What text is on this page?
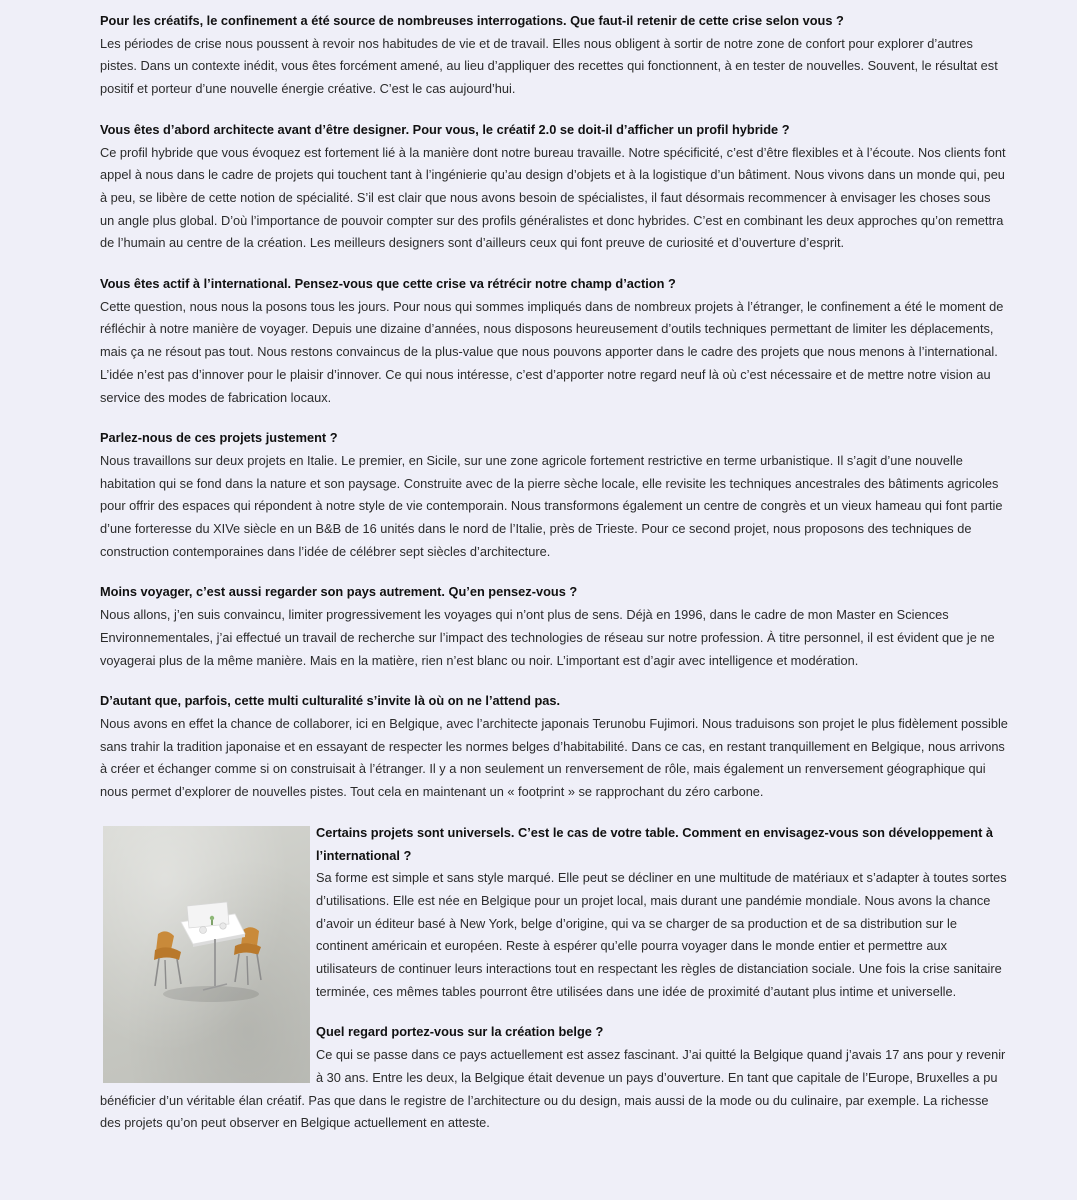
Pour les créatifs, le confinement a été source de nombreuses interrogations. Que faut-il retenir de cette crise selon vous ?
Les périodes de crise nous poussent à revoir nos habitudes de vie et de travail. Elles nous obligent à sortir de notre zone de confort pour explorer d’autres pistes. Dans un contexte inédit, vous êtes forcément amené, au lieu d’appliquer des recettes qui fonctionnent, à en tester de nouvelles. Souvent, le résultat est positif et porteur d’une nouvelle énergie créative. C’est le cas aujourd’hui.
Vous êtes d’abord architecte avant d’être designer. Pour vous, le créatif 2.0 se doit-il d’afficher un profil hybride ?
Ce profil hybride que vous évoquez est fortement lié à la manière dont notre bureau travaille. Notre spécificité, c’est d’être flexibles et à l’écoute. Nos clients font appel à nous dans le cadre de projets qui touchent tant à l’ingénierie qu’au design d’objets et à la logistique d’un bâtiment. Nous vivons dans un monde qui, peu à peu, se libère de cette notion de spécialité. S’il est clair que nous avons besoin de spécialistes, il faut désormais recommencer à envisager les choses sous un angle plus global. D’où l’importance de pouvoir compter sur des profils généralistes et donc hybrides. C’est en combinant les deux approches qu’on remettra de l’humain au centre de la création. Les meilleurs designers sont d’ailleurs ceux qui font preuve de curiosité et d’ouverture d’esprit.
Vous êtes actif à l’international. Pensez-vous que cette crise va rétrécir notre champ d’action ?
Cette question, nous nous la posons tous les jours. Pour nous qui sommes impliqués dans de nombreux projets à l’étranger, le confinement a été le moment de réfléchir à notre manière de voyager. Depuis une dizaine d’années, nous disposons heureusement d’outils techniques permettant de limiter les déplacements, mais ça ne résout pas tout. Nous restons convaincus de la plus-value que nous pouvons apporter dans le cadre des projets que nous menons à l’international. L’idée n’est pas d’innover pour le plaisir d’innover. Ce qui nous intéresse, c’est d’apporter notre regard neuf là où c’est nécessaire et de mettre notre vision au service des modes de fabrication locaux.
Parlez-nous de ces projets justement ?
Nous travaillons sur deux projets en Italie. Le premier, en Sicile, sur une zone agricole fortement restrictive en terme urbanistique. Il s’agit d’une nouvelle habitation qui se fond dans la nature et son paysage. Construite avec de la pierre sèche locale, elle revisite les techniques ancestrales des bâtiments agricoles pour offrir des espaces qui répondent à notre style de vie contemporain. Nous transformons également un centre de congrès et un vieux hameau qui font partie d’une forteresse du XIVe siècle en un B&B de 16 unités dans le nord de l’Italie, près de Trieste. Pour ce second projet, nous proposons des techniques de construction contemporaines dans l’idée de célébrer sept siècles d’architecture.
Moins voyager, c’est aussi regarder son pays autrement. Qu’en pensez-vous ?
Nous allons, j’en suis convaincu, limiter progressivement les voyages qui n’ont plus de sens. Déjà en 1996, dans le cadre de mon Master en Sciences Environnementales, j’ai effectué un travail de recherche sur l’impact des technologies de réseau sur notre profession. À titre personnel, il est évident que je ne voyagerai plus de la même manière. Mais en la matière, rien n’est blanc ou noir. L’important est d’agir avec intelligence et modération.
D’autant que, parfois, cette multi culturalité s’invite là où on ne l’attend pas.
Nous avons en effet la chance de collaborer, ici en Belgique, avec l’architecte japonais Terunobu Fujimori. Nous traduisons son projet le plus fidèlement possible sans trahir la tradition japonaise et en essayant de respecter les normes belges d’habitabilité. Dans ce cas, en restant tranquillement en Belgique, nous arrivons à créer et échanger comme si on construisait à l’étranger. Il y a non seulement un renversement de rôle, mais également un renversement géographique qui nous permet d’explorer de nouvelles pistes. Tout cela en maintenant un « footprint » se rapprochant du zéro carbone.
Certains projets sont universels. C’est le cas de votre table. Comment en envisagez-vous son développement à l’international ?
Sa forme est simple et sans style marqué. Elle peut se décliner en une multitude de matériaux et s’adapter à toutes sortes d’utilisations. Elle est née en Belgique pour un projet local, mais durant une pandémie mondiale. Nous avons la chance d’avoir un éditeur basé à New York, belge d’origine, qui va se charger de sa production et de sa distribution sur le continent américain et européen. Reste à espérer qu’elle pourra voyager dans le monde entier et permettre aux utilisateurs de continuer leurs interactions tout en respectant les règles de distanciation sociale. Une fois la crise sanitaire terminée, ces mêmes tables pourront être utilisées dans une idée de proximité d’autant plus intime et universelle.
Quel regard portez-vous sur la création belge ?
Ce qui se passe dans ce pays actuellement est assez fascinant. J’ai quitté la Belgique quand j’avais 17 ans pour y revenir à 30 ans. Entre les deux, la Belgique était devenue un pays d’ouverture. En tant que capitale de l’Europe, Bruxelles a pu bénéficier d’un véritable élan créatif. Pas que dans le registre de l’architecture ou du design, mais aussi de la mode ou du culinaire, par exemple. La richesse des projets qu’on peut observer en Belgique actuellement en atteste.
